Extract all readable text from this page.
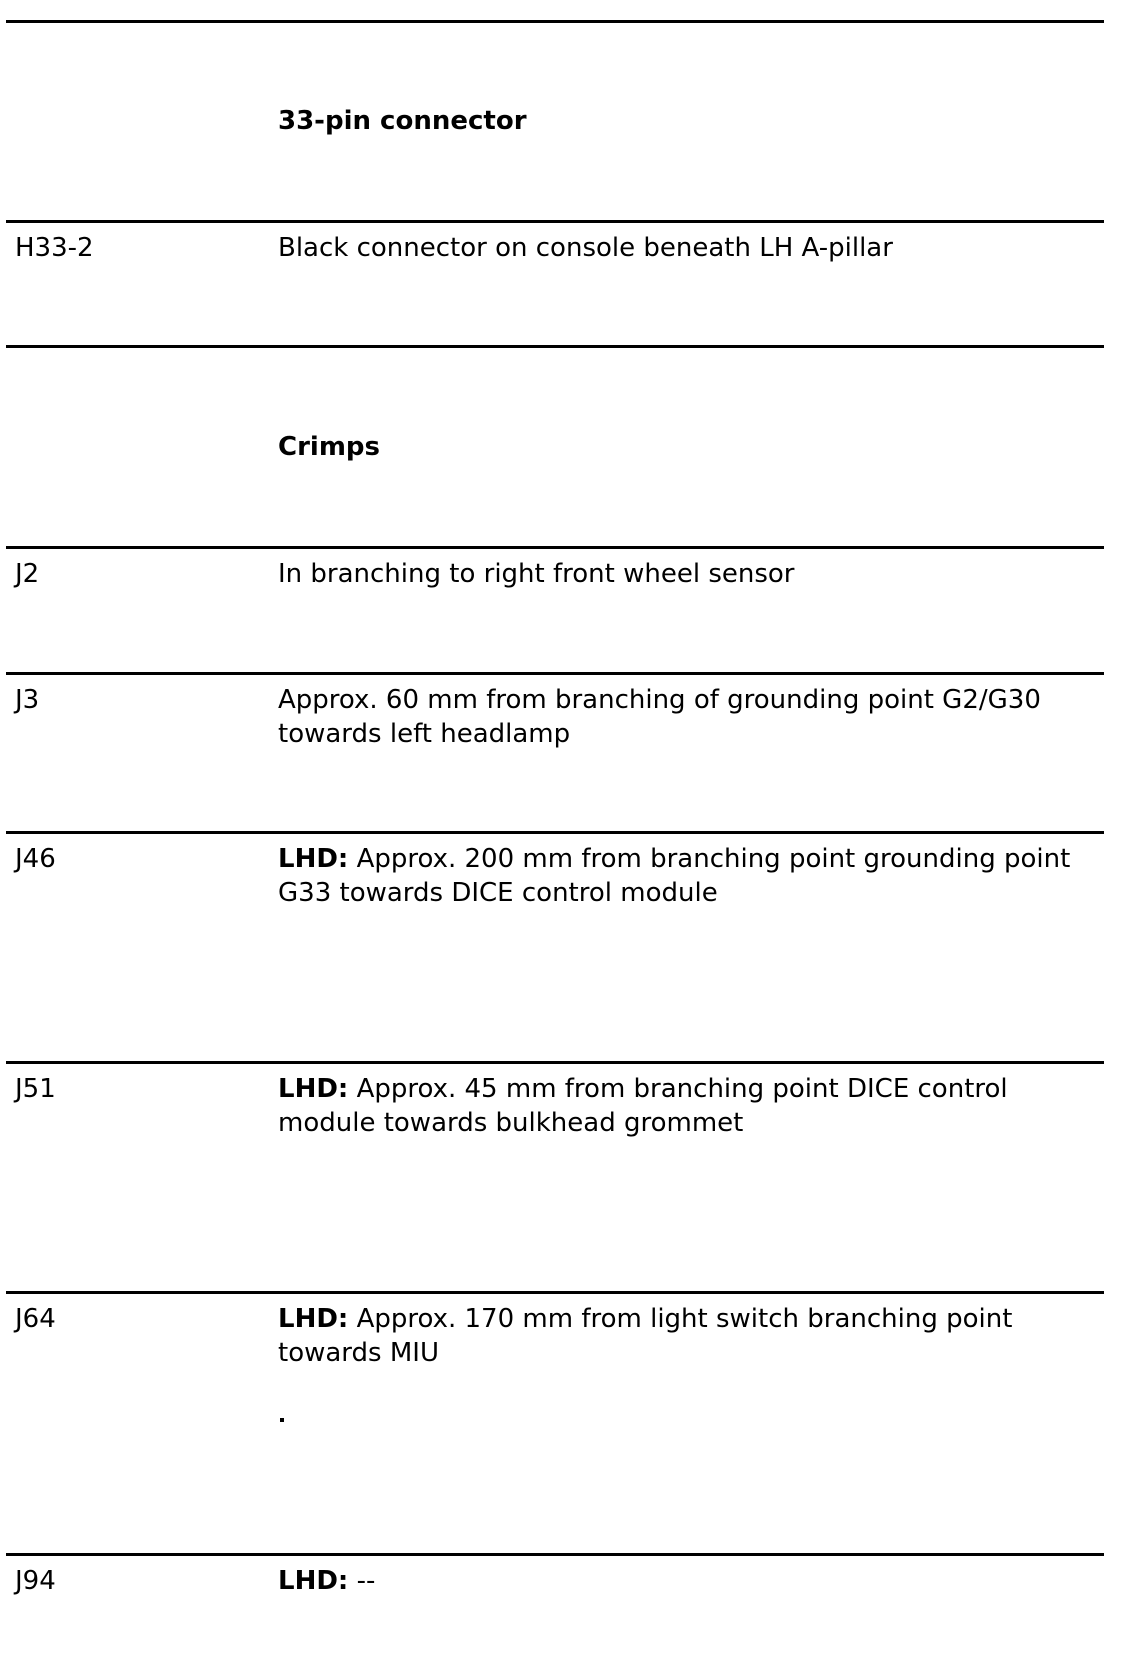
33-pin connector
H33-2	Black connector on console beneath LH A-pillar
Crimps
J2	In branching to right front wheel sensor
J3	Approx. 60 mm from branching of grounding point G2/G30 towards left headlamp
J46	LHD: Approx. 200 mm from branching point grounding point G33 towards DICE control module
J51	LHD: Approx. 45 mm from branching point DICE control module towards bulkhead grommet
J64	LHD: Approx. 170 mm from light switch branching point towards MIU
J94	LHD: --
